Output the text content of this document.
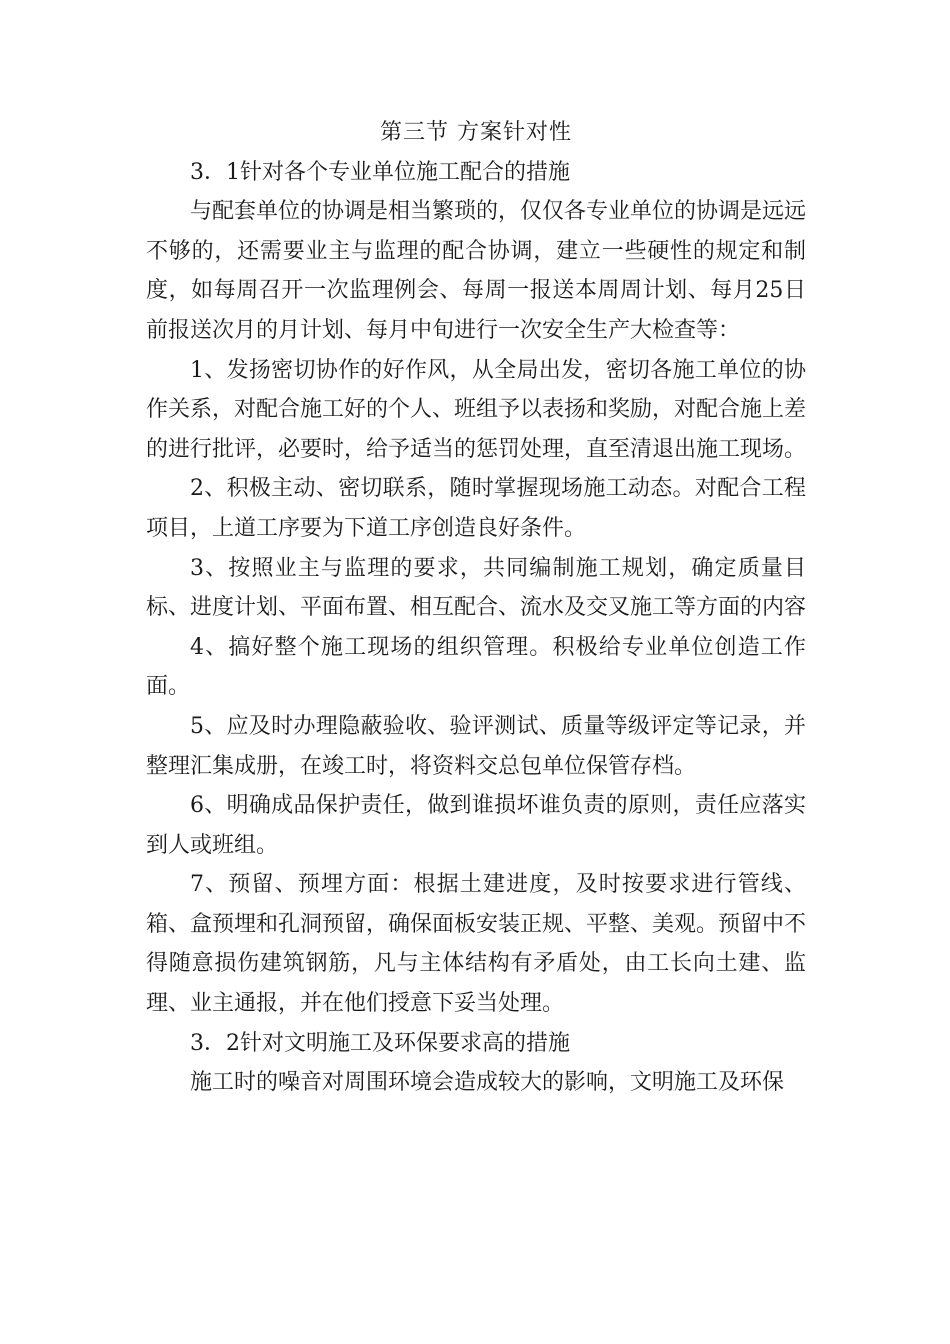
第三节 方案针对性
3．1针对各个专业单位施工配合的措施

与配套单位的协调是相当繁琐的，仅仅各专业单位的协调是远远不够的，还需要业主与监理的配合协调，建立一些硬性的规定和制度，如每周召开一次监理例会、每周一报送本周周计划、每月25日前报送次月的月计划、每月中旬进行一次安全生产大检查等：

1、发扬密切协作的好作风，从全局出发，密切各施工单位的协作关系，对配合施工好的个人、班组予以表扬和奖励，对配合施上差的进行批评，必要时，给予适当的惩罚处理，直至清退出施工现场。

2、积极主动、密切联系，随时掌握现场施工动态。对配合工程项目，上道工序要为下道工序创造良好条件。

3、按照业主与监理的要求，共同编制施工规划，确定质量目标、进度计划、平面布置、相互配合、流水及交叉施工等方面的内容

4、搞好整个施工现场的组织管理。积极给专业单位创造工作面。

5、应及时办理隐蔽验收、验评测试、质量等级评定等记录，并整理汇集成册，在竣工时，将资料交总包单位保管存档。

6、明确成品保护责任，做到谁损坏谁负责的原则，责任应落实到人或班组。

7、预留、预埋方面：根据土建进度，及时按要求进行管线、箱、盒预埋和孔洞预留，确保面板安装正规、平整、美观。预留中不得随意损伤建筑钢筋，凡与主体结构有矛盾处，由工长向土建、监理、业主通报，并在他们授意下妥当处理。

3．2针对文明施工及环保要求高的措施

施工时的噪音对周围环境会造成较大的影响，文明施工及环保
